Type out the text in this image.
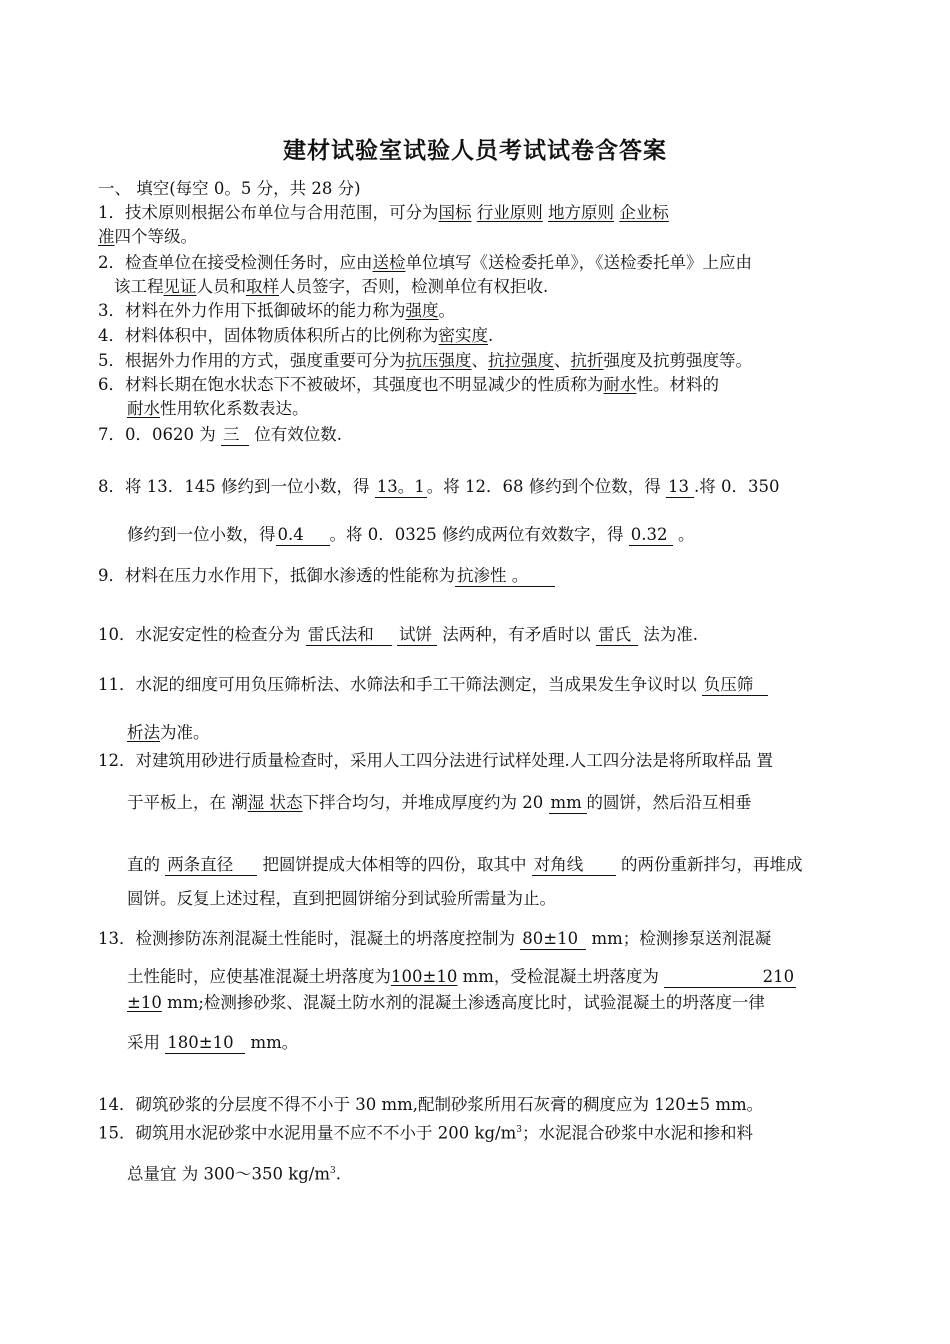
建材试验室试验人员考试试卷含答案
一、 填空(每空 0。5 分，共 28 分)
1．技术原则根据公布单位与合用范围，可分为国标 行业原则 地方原则 企业标
准四个等级。
2．检查单位在接受检测任务时，应由送检单位填写《送检委托单》，《送检委托单》上应由
该工程见证人员和取样人员签字，否则，检测单位有权拒收.
3．材料在外力作用下抵御破坏的能力称为强度。
4．材料体积中，固体物质体积所占的比例称为密实度.
5．根据外力作用的方式，强度重要可分为抗压强度、抗拉强度、抗折强度及抗剪强度等。
6．材料长期在饱水状态下不被破坏，其强度也不明显减少的性质称为耐水性。材料的
耐水性用软化系数表达。
7．0．0620 为 三 位有效位数.
8．将 13．145 修约到一位小数，得 13。1 。将 12．68 修约到个位数，得 13 .将 0．350
修约到一位小数，得 0.4 。将 0．0325 修约成两位有效数字，得 0.32 。
9．材料在压力水作用下，抵御水渗透的性能称为 抗渗性 。
10．水泥安定性的检查分为 雷氏法和 试饼 法两种，有矛盾时以 雷氏 法为准.
11．水泥的细度可用负压筛析法、水筛法和手工干筛法测定，当成果发生争议时以 负压筛
析法为准。
12．对建筑用砂进行质量检查时，采用人工四分法进行试样处理.人工四分法是将所取样品 置
于平板上，在 潮湿 状态下拌合均匀，并堆成厚度约为 20 mm 的圆饼，然后沿互相垂
直的 两条直径 把圆饼提成大体相等的四份，取其中 对角线 的两份重新拌匀，再堆成
圆饼。反复上述过程，直到把圆饼缩分到试验所需量为止。
13．检测掺防冻剂混凝土性能时，混凝土的坍落度控制为 80±10 mm；检测掺泵送剂混凝
土性能时，应使基准混凝土坍落度为100±10 mm，受检混凝土坍落度为	210
±10 mm;检测掺砂浆、混凝土防水剂的混凝土渗透高度比时，试验混凝土的坍落度一律
采用 180±10 mm。
14．砌筑砂浆的分层度不得不小于 30 mm,配制砂浆所用石灰膏的稠度应为 120±5 mm。
15．砌筑用水泥砂浆中水泥用量不应不不小于 200 $kg/m^3$；水泥混合砂浆中水泥和掺和料
总量宜 为 300～350 $kg/m^3$.
